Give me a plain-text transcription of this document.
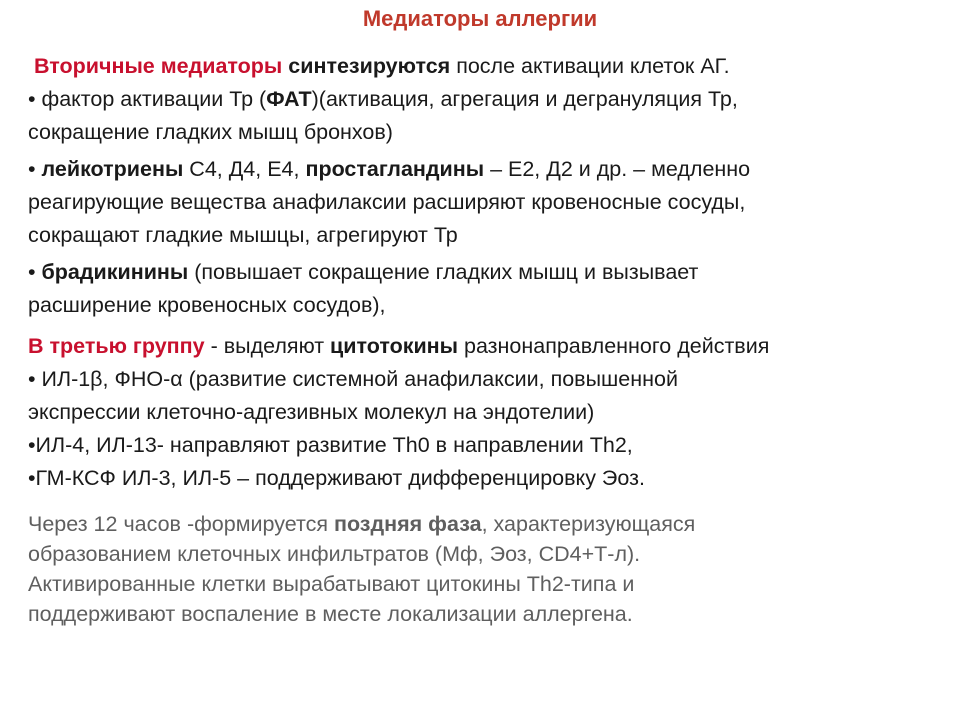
Медиаторы аллергии
Вторичные медиаторы синтезируются после активации клеток АГ.
• фактор активации Тр (ФАТ)(активация, агрегация и дегрануляция Тр,
сокращение гладких мышц бронхов)
• лейкотриены С4, Д4, Е4, простагландины – Е2, Д2 и др. – медленно
реагирующие вещества анафилаксии расширяют кровеносные сосуды,
сокращают гладкие мышцы, агрегируют Тр
• брадикинины (повышает сокращение гладких мышц и вызывает
расширение кровеносных сосудов),
В третью группу - выделяют цитотокины разнонаправленного действия
• ИЛ-1β, ФНО-α (развитие системной анафилаксии, повышенной
экспрессии клеточно-адгезивных молекул на эндотелии)
•ИЛ-4, ИЛ-13- направляют развитие Th0 в направлении Th2,
•ГМ-КСФ ИЛ-3, ИЛ-5 – поддерживают дифференцировку Эоз.
Через 12 часов -формируется поздняя фаза, характеризующаяся
образованием клеточных инфильтратов (Мф, Эоз, CD4+Т-л).
Активированные клетки вырабатывают цитокины Th2-типа и
поддерживают воспаление в месте локализации аллергена.
